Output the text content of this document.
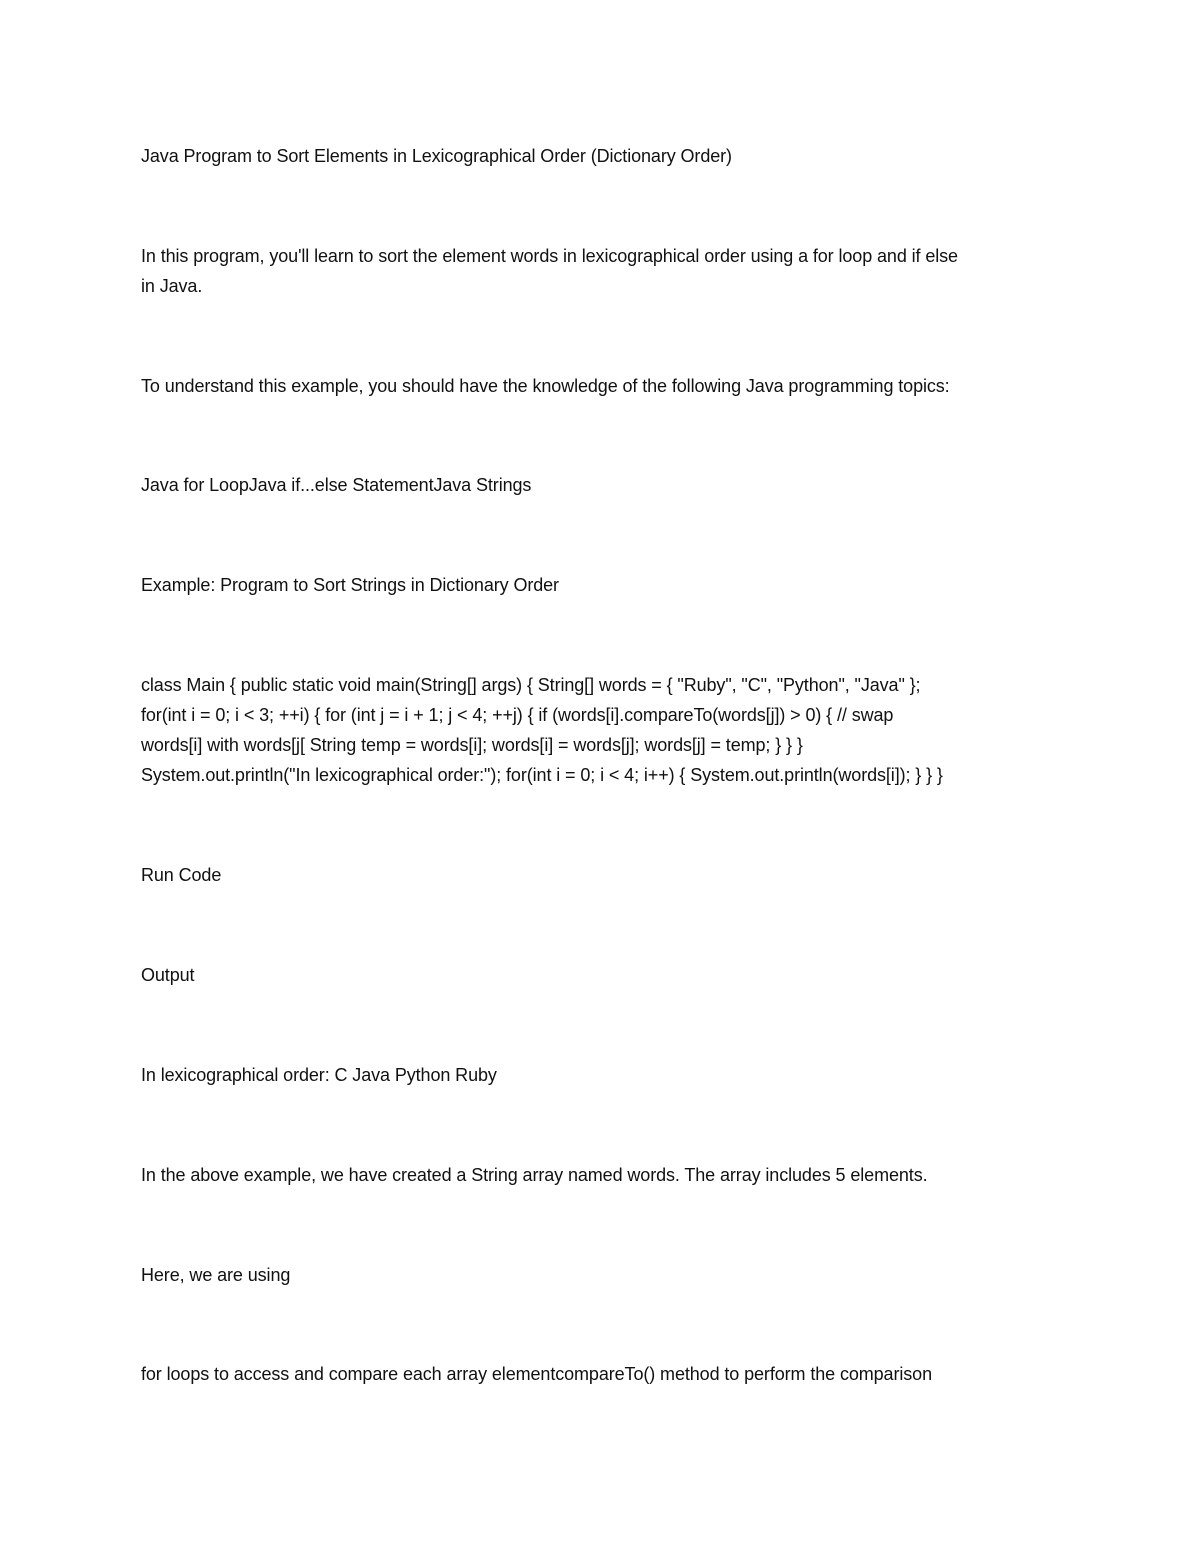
Java Program to Sort Elements in Lexicographical Order (Dictionary Order)

In this program, you'll learn to sort the element words in lexicographical order using a for loop and if else
in Java.

To understand this example, you should have the knowledge of the following Java programming topics:

Java for LoopJava if...else StatementJava Strings

Example: Program to Sort Strings in Dictionary Order

class Main { public static void main(String[] args) { String[] words = { "Ruby", "C", "Python", "Java" };
for(int i = 0; i < 3; ++i) { for (int j = i + 1; j < 4; ++j) { if (words[i].compareTo(words[j]) > 0) { // swap
words[i] with words[j[ String temp = words[i]; words[i] = words[j]; words[j] = temp; } } }
System.out.println("In lexicographical order:"); for(int i = 0; i < 4; i++) { System.out.println(words[i]); } } }

Run Code

Output

In lexicographical order: C Java Python Ruby

In the above example, we have created a String array named words. The array includes 5 elements.

Here, we are using

for loops to access and compare each array elementcompareTo() method to perform the comparison
